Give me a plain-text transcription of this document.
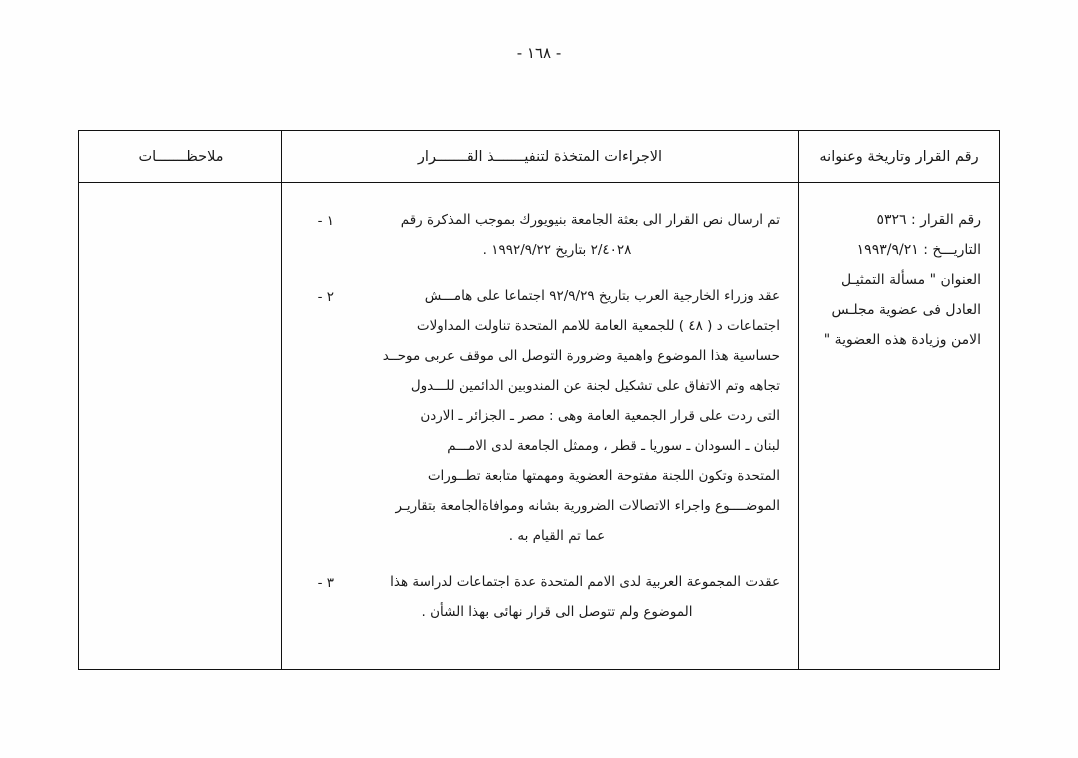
- ١٦٨ -
رقم القرار وتاريخة وعنوانه
الاجراءات المتخذة لتنفيـــــــذ القـــــــرار
ملاحظـــــــات
رقم القرار : ٥٣٢٦
التاريـــخ : ١٩٩٣/٩/٢١
العنوان " مسألة التمثيـل
العادل فى عضوية مجلـس
الامن وزيادة هذه العضوية "
تم ارسال نص القرار الى بعثة الجامعة بنيويورك بموجب المذكرة رقم
٢/٤٠٢٨ بتاريخ ١٩٩٢/٩/٢٢ .
١ -
عقد وزراء الخارجية العرب بتاريخ ٩٢/٩/٢٩ اجتماعا على هامـــش
اجتماعات د ( ٤٨ ) للجمعية العامة للامم المتحدة تناولت المداولات
حساسية هذا الموضوع واهمية وضرورة التوصل الى موقف عربى موحــد
تجاهه وتم الاتفاق على تشكيل لجنة عن المندوبين الدائمين للـــدول
التى ردت على قرار الجمعية العامة وهى : مصر ـ الجزائر ـ الاردن
لبنان ـ السودان ـ سوريا ـ قطر ، وممثل الجامعة لدى الامـــم
المتحدة وتكون اللجنة مفتوحة العضوية ومهمتها متابعة تطــورات
الموضــــوع واجراء الاتصالات الضرورية بشانه وموافاةالجامعة بتقاريـر
عما تم القيام به .
٢ -
عقدت المجموعة العربية لدى الامم المتحدة عدة اجتماعات لدراسة هذا
الموضوع ولم تتوصل الى قرار نهائى بهذا الشأن .
٣ -
